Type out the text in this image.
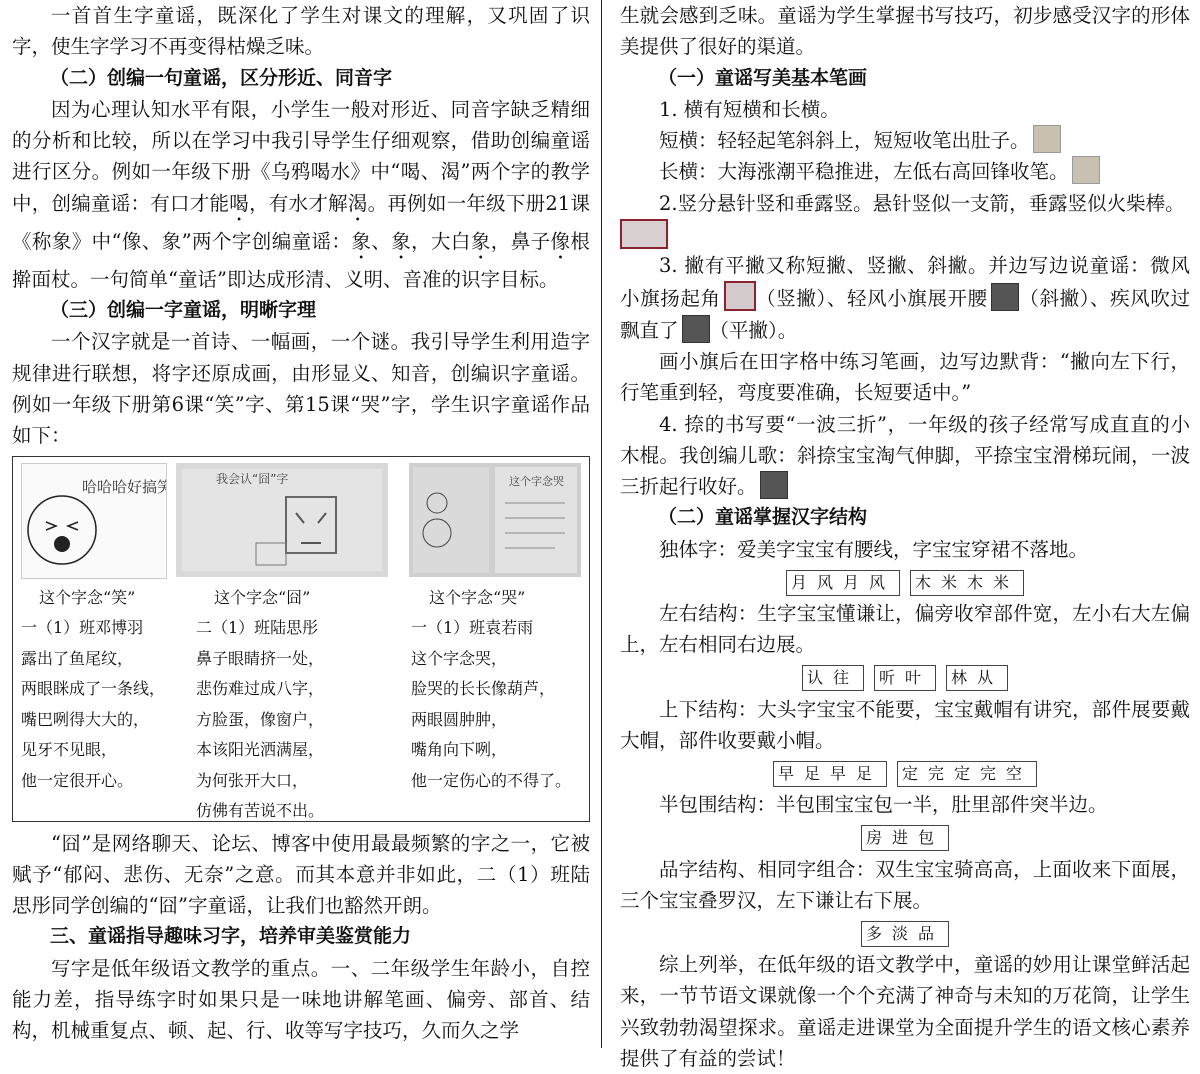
一首首生字童谣，既深化了学生对课文的理解，又巩固了识字，使生字学习不再变得枯燥乏味。

（二）创编一句童谣，区分形近、同音字

因为心理认知水平有限，小学生一般对形近、同音字缺乏精细的分析和比较，所以在学习中我引导学生仔细观察，借助创编童谣进行区分。例如一年级下册《乌鸦喝水》中“喝、渴”两个字的教学中，创编童谣：有口才能喝，有水才解渴。再例如一年级下册21课《称象》中“像、象”两个字创编童谣：象、象，大白象，鼻子像根擀面杖。一句简单“童话”即达成形清、义明、音准的识字目标。

（三）创编一字童谣，明晰字理

一个汉字就是一首诗、一幅画，一个谜。我引导学生利用造字规律进行联想，将字还原成画，由形显义、知音，创编识字童谣。例如一年级下册第6课“笑”字、第15课“哭”字，学生识字童谣作品如下：

哈哈哈好搞笑	我会认“囧”字	这个字念哭
这个字念“笑”
一（1）班邓博羽
露出了鱼尾纹，
两眼眯成了一条线，
嘴巴咧得大大的，
见牙不见眼，
他一定很开心。
这个字念“囧”
二（1）班陆思彤
鼻子眼睛挤一处，
悲伤难过成八字，
方脸蛋，像窗户，
本该阳光洒满屋，
为何张开大口，
仿佛有苦说不出。
这个字念“哭”
一（1）班袁若雨
这个字念哭，
脸哭的长长像葫芦，
两眼圆肿肿，
嘴角向下咧，
他一定伤心的不得了。

“囧”是网络聊天、论坛、博客中使用最最频繁的字之一，它被赋予“郁闷、悲伤、无奈”之意。而其本意并非如此，二（1）班陆思彤同学创编的“囧”字童谣，让我们也豁然开朗。

三、童谣指导趣味习字，培养审美鉴赏能力

写字是低年级语文教学的重点。一、二年级学生年龄小，自控能力差，指导练字时如果只是一味地讲解笔画、偏旁、部首、结构，机械重复点、顿、起、行、收等写字技巧，久而久之学

生就会感到乏味。童谣为学生掌握书写技巧，初步感受汉字的形体美提供了很好的渠道。

（一）童谣写美基本笔画

1. 横有短横和长横。

短横：轻轻起笔斜斜上，短短收笔出肚子。

长横：大海涨潮平稳推进，左低右高回锋收笔。

2.竖分悬针竖和垂露竖。悬针竖似一支箭，垂露竖似火柴棒。

3. 撇有平撇又称短撇、竖撇、斜撇。并边写边说童谣：微风小旗扬起角 （竖撇）、轻风小旗展开腰 （斜撇）、疾风吹过飘直了 （平撇）。

画小旗后在田字格中练习笔画，边写边默背：“撇向左下行，行笔重到轻，弯度要准确，长短要适中。”

4. 捺的书写要“一波三折”，一年级的孩子经常写成直直的小木棍。我创编儿歌：斜捺宝宝淘气伸脚，平捺宝宝滑梯玩闹，一波三折起行收好。

（二）童谣掌握汉字结构

独体字：爱美字宝宝有腰线，字宝宝穿裙不落地。

月风月风 木米木米

左右结构：生字宝宝懂谦让，偏旁收窄部件宽，左小右大左偏上，左右相同右边展。

认往 听叶 林从

上下结构：大头字宝宝不能要，宝宝戴帽有讲究，部件展要戴大帽，部件收要戴小帽。

早足早足 定完定完空

半包围结构：半包围宝宝包一半，肚里部件突半边。

房进包

品字结构、相同字组合：双生宝宝骑高高，上面收来下面展，三个宝宝叠罗汉，左下谦让右下展。

多淡品

综上列举，在低年级的语文教学中，童谣的妙用让课堂鲜活起来，一节节语文课就像一个个充满了神奇与未知的万花筒，让学生兴致勃勃渴望探求。童谣走进课堂为全面提升学生的语文核心素养提供了有益的尝试！
